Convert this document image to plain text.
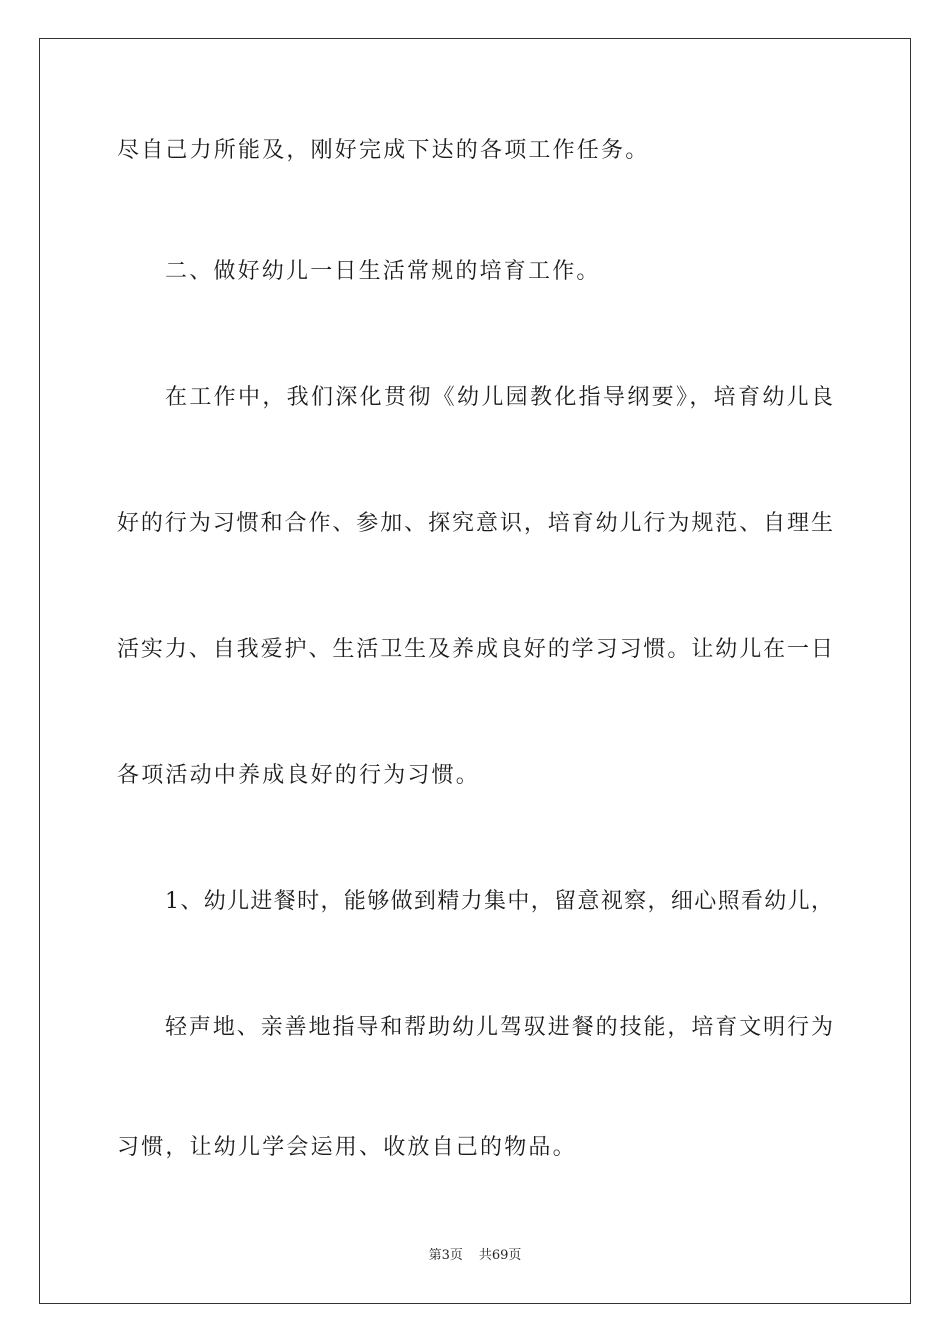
尽自己力所能及，刚好完成下达的各项工作任务。
二、做好幼儿一日生活常规的培育工作。
在工作中，我们深化贯彻《幼儿园教化指导纲要》，培育幼儿良
好的行为习惯和合作、参加、探究意识，培育幼儿行为规范、自理生
活实力、自我爱护、生活卫生及养成良好的学习习惯。让幼儿在一日
各项活动中养成良好的行为习惯。
1、幼儿进餐时，能够做到精力集中，留意视察，细心照看幼儿，
轻声地、亲善地指导和帮助幼儿驾驭进餐的技能，培育文明行为
习惯，让幼儿学会运用、收放自己的物品。
第3页 共69页
